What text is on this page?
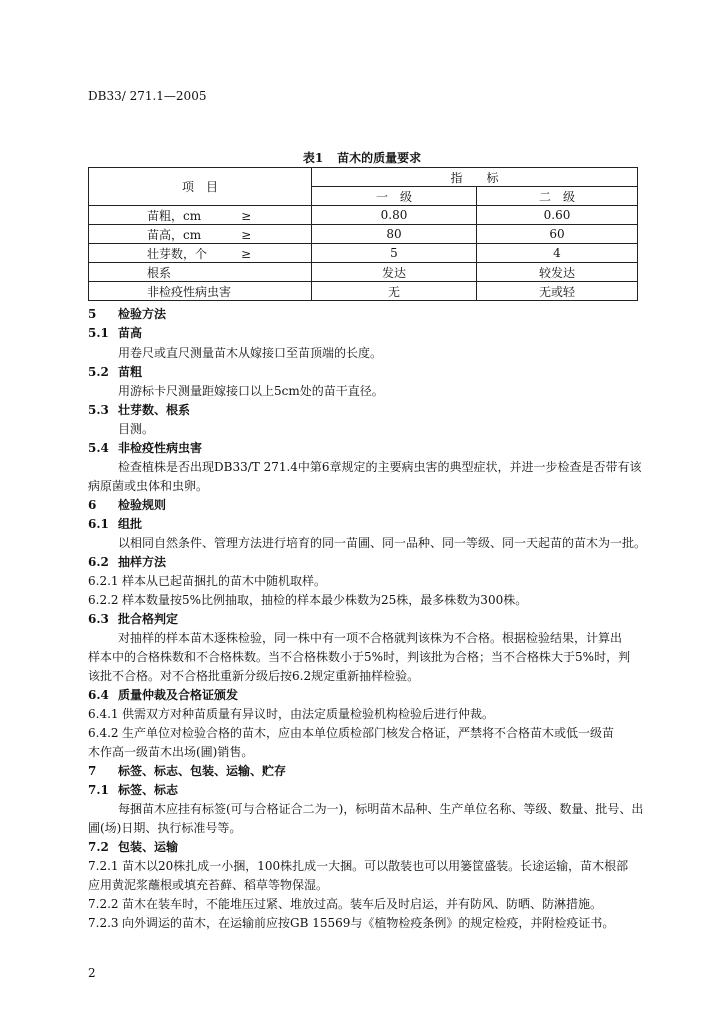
DB33/ 271.1—2005
表1 苗木的质量要求
项　目	指　　标	
	一　级	二　级
苗粗，cm ≥	0.80	0.60
苗高，cm ≥	80	60
壮芽数，个 ≥	5	4
根系	发达	较发达
非检疫性病虫害	无	无或轻
5 检验方法
5.1 苗高
用卷尺或直尺测量苗木从嫁接口至苗顶端的长度。
5.2 苗粗
用游标卡尺测量距嫁接口以上5cm处的苗干直径。
5.3 壮芽数、根系
目测。
5.4 非检疫性病虫害
检查植株是否出现DB33/T 271.4中第6章规定的主要病虫害的典型症状，并进一步检查是否带有该
病原菌或虫体和虫卵。
6 检验规则
6.1 组批
以相同自然条件、管理方法进行培育的同一苗圃、同一品种、同一等级、同一天起苗的苗木为一批。
6.2 抽样方法
6.2.1 样本从已起苗捆扎的苗木中随机取样。
6.2.2 样本数量按5%比例抽取，抽检的样本最少株数为25株，最多株数为300株。
6.3 批合格判定
对抽样的样本苗木逐株检验，同一株中有一项不合格就判该株为不合格。根据检验结果，计算出
样本中的合格株数和不合格株数。当不合格株数小于5%时，判该批为合格；当不合格株大于5%时，判
该批不合格。对不合格批重新分级后按6.2规定重新抽样检验。
6.4 质量仲裁及合格证颁发
6.4.1 供需双方对种苗质量有异议时，由法定质量检验机构检验后进行仲裁。
6.4.2 生产单位对检验合格的苗木，应由本单位质检部门核发合格证，严禁将不合格苗木或低一级苗
木作高一级苗木出场(圃)销售。
7 标签、标志、包装、运输、贮存
7.1 标签、标志
每捆苗木应挂有标签(可与合格证合二为一)，标明苗木品种、生产单位名称、等级、数量、批号、出
圃(场)日期、执行标准号等。
7.2 包装、运输
7.2.1 苗木以20株扎成一小捆，100株扎成一大捆。可以散装也可以用篓筐盛装。长途运输，苗木根部
应用黄泥浆蘸根或填充苔藓、稻草等物保湿。
7.2.2 苗木在装车时，不能堆压过紧、堆放过高。装车后及时启运，并有防风、防晒、防淋措施。
7.2.3 向外调运的苗木，在运输前应按GB 15569与《植物检疫条例》的规定检疫，并附检疫证书。
2
